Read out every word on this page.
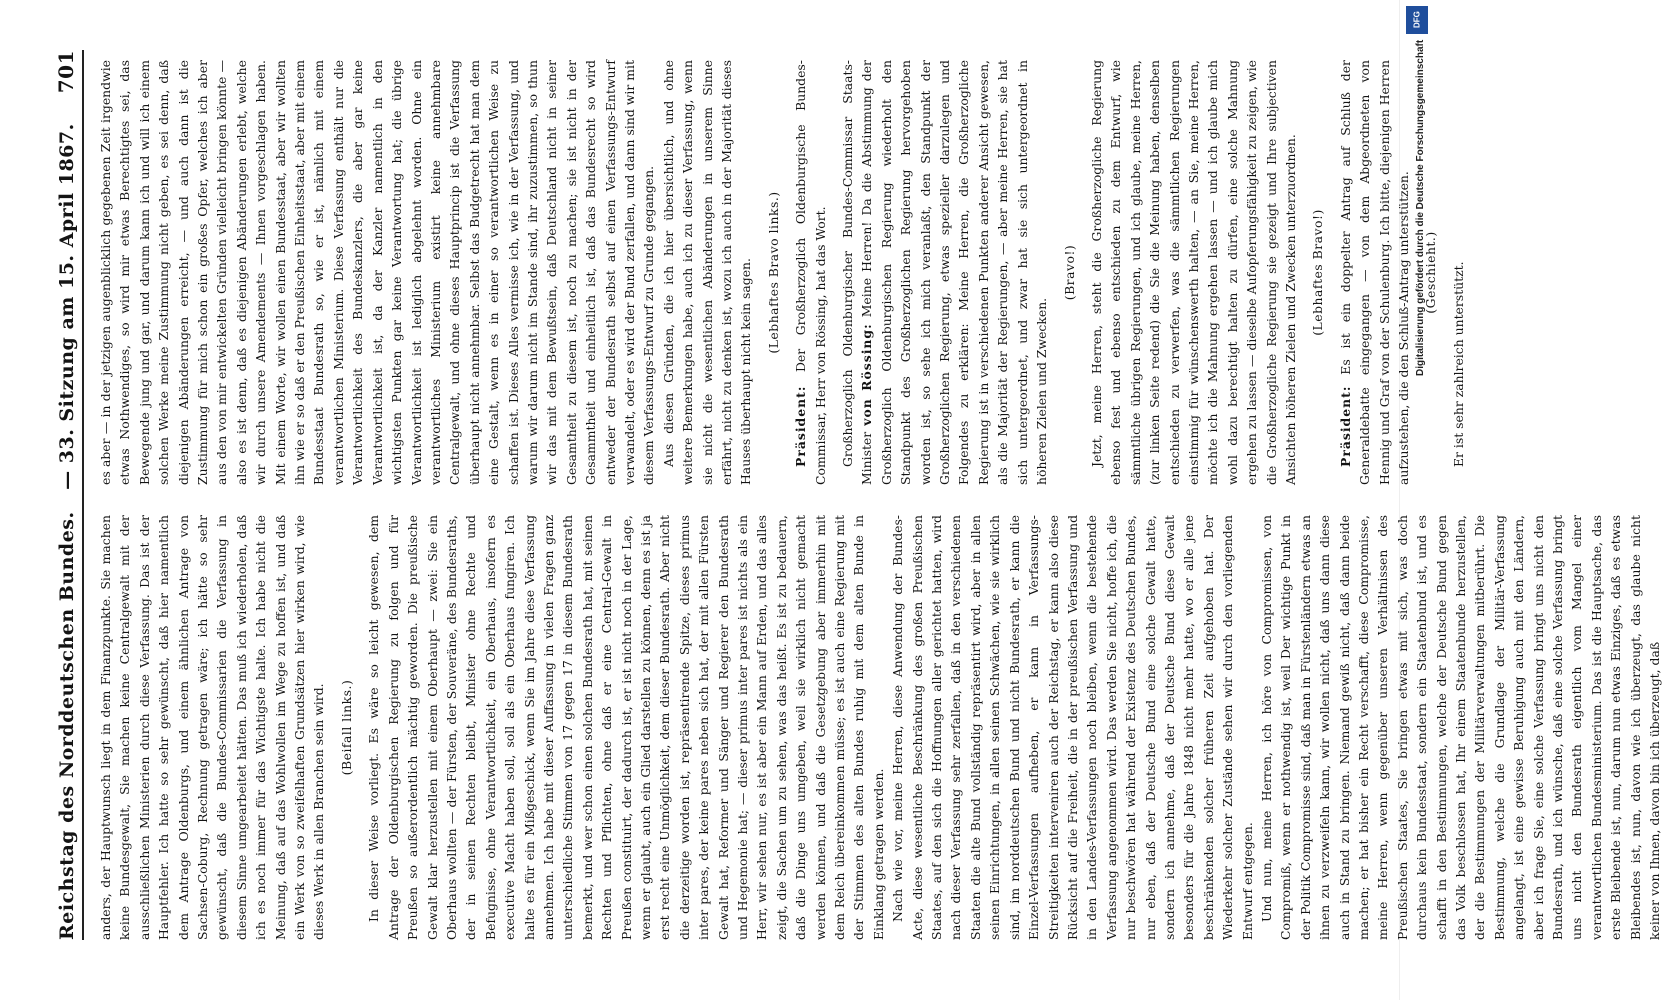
DFG
Digitalisierung gefördert durch die Deutsche Forschungsgemeinschaft
Reichstag des Norddeutschen Bundes.
— 33. Sitzung am 15. April 1867.
701

anders, der Hauptwunsch liegt in dem Finanzpunkte. Sie machen keine Bundesgewalt, Sie machen keine Centralgewalt mit der ausschließlichen Ministerien durch diese Verfassung. Das ist der Hauptfehler. Ich hatte so sehr gewünscht, daß hier namentlich dem Antrage Oldenburgs, und einem ähnlichen Antrage von Sachsen-Coburg, Rechnung getragen wäre; ich hätte so sehr gewünscht, daß die Bundes-Commissarien die Verfassung in diesem Sinne umgearbeitet hätten. Das muß ich wiederholen, daß ich es noch immer für das Wichtigste halte. Ich habe nicht die Meinung, daß auf das Wohlwollen im Wege zu hoffen ist, und daß ein Werk von so zweifelhaften Grundsätzen hier wirken wird, wie dieses Werk in allen Branchen sein wird. (Beifall links.) In dieser Weise vorliegt. Es wäre so leicht gewesen, dem Antrage der Oldenburgischen Regierung zu folgen und für Preußen so außerordentlich mächtig geworden. Die preußische Gewalt klar herzustellen mit einem Oberhaupt — zwei: Sie ein Oberhaus wollten — der Fürsten, der Souveräne, des Bundesraths, der in seinen Rechten bleibt, Minister ohne Rechte und Befugnisse, ohne Verantwortlichkeit, ein Oberhaus, insofern es executive Macht haben soll, soll als ein Oberhaus fungiren. Ich halte es für ein Mißgeschick, wenn Sie im Jahre diese Verfassung annehmen. Ich habe mit dieser Auffassung in vielen Fragen ganz unterschiedliche Stimmen von 17 gegen 17 in diesem Bundesrath bemerkt, und wer schon einen solchen Bundesrath hat, mit seinen Rechten und Pflichten, ohne daß er eine Central-Gewalt in Preußen constituirt, der dadurch ist, er ist nicht noch in der Lage, wenn er glaubt, auch ein Glied darstellen zu können, denn es ist ja erst recht eine Unmöglichkeit, dem dieser Bundesrath. Aber nicht die derzeitige worden ist, repräsentirende Spitze, dieses primus inter pares, der keine pares neben sich hat, der mit allen Fürsten Gewalt hat, Reformer und Sänger und Regierer den Bundesrath und Hegemonie hat; — dieser primus inter pares ist nichts als ein Herr, wir sehen nur, es ist aber ein Mann auf Erden, und das alles zeigt, die Sachen um zu sehen, was das heißt. Es ist zu bedauern, daß die Dinge uns umgeben, weil sie wirklich nicht gemacht werden können, und daß die Gesetzgebung aber immerhin mit dem Reich übereinkommen müsse; es ist auch eine Regierung mit der Stimmen des alten Bundes ruhig mit dem alten Bunde in Einklang getragen werden. Nach wie vor, meine Herren, diese Anwendung der Bundes-Acte, diese wesentliche Beschränkung des großen Preußischen Staates, auf den sich die Hoffnungen aller gerichtet hatten, wird nach dieser Verfassung sehr zerfallen, daß in den verschiedenen Staaten die alte Bund vollständig repräsentirt wird, aber in allen seinen Einrichtungen, in allen seinen Schwächen, wie sie wirklich sind, im norddeutschen Bund und nicht Bundesrath, er kann die Einzel-Verfassungen aufheben, er kann in Verfassungs-Streitigkeiten interveniren auch der Reichstag, er kann also diese Rücksicht auf die Freiheit, die in der preußischen Verfassung und in den Landes-Verfassungen noch bleiben, wenn die bestehende Verfassung angenommen wird. Das werden Sie nicht, hoffe ich, die nur beschwören hat während der Existenz des Deutschen Bundes, nur eben, daß der Deutsche Bund eine solche Gewalt hatte, sondern ich annehme, daß der Deutsche Bund diese Gewalt besonders für die Jahre 1848 nicht mehr hatte, wo er alle jene beschränkenden solcher früheren Zeit aufgehoben hat. Der Wiederkehr solcher Zustände sehen wir durch den vorliegenden Entwurf entgegen. Und nun, meine Herren, ich höre von Compromissen, von Compromiß, wenn er nothwendig ist, weil Der wichtige Punkt in der Politik Compromisse sind, daß man in Fürstenländern etwas an ihnen zu verzweifeln kann, wir wollen nicht, daß uns dann diese auch in Stand zu bringen. Niemand gewiß nicht, daß dann beide machen; er hat bisher ein Recht verschafft, diese Compromisse, meine Herren, wenn gegenüber unseren Verhältnissen des Preußischen Staates, Sie bringen etwas mit sich, was doch durchaus kein Bundesstaat, sondern ein Staatenbund ist, und es schafft in den Bestimmungen, welche der Deutsche Bund gegen das Volk beschlossen hat, Ihr einem Staatenbunde herzustellen, der die Bestimmungen der Militärverwaltungen mitberührt. Die Bestimmung, welche die Grundlage der Militär-Verfassung angelangt, ist eine gewisse Beruhigung auch mit den Ländern, aber ich frage Sie, eine solche Verfassung bringt uns nicht den Bundesrath, und ich wünsche, daß eine solche Verfassung bringt uns nicht den Bundesrath eigentlich vom Mangel einer verantwortlichen Bundesministerium. Das ist die Hauptsache, das erste Bleibende ist, nun, darum nun etwas Einziges, daß es etwas Bleibendes ist, nun, davon wie ich überzeugt, das glaube nicht keiner von Ihnen, davon bin ich überzeugt, daß

es aber — in der jetzigen augenblicklich gegebenen Zeit irgendwie etwas Nothwendiges, so wird mir etwas Berechtigtes sei, das Bewegende jung und gar, und darum kann ich und will ich einem solchen Werke meine Zustimmung nicht geben, es sei denn, daß diejenigen Abänderungen erreicht, — und auch dann ist die Zustimmung für mich schon ein großes Opfer, welches ich aber aus den von mir entwickelten Gründen vielleicht bringen könnte — also es ist denn, daß es diejenigen Abänderungen erlebt, welche wir durch unsere Amendements — Ihnen vorgeschlagen haben. Mit einem Worte, wir wollen einen Bundesstaat, aber wir wollten ihn wie er so daß er den Preußischen Einheitsstaat, aber mit einem Bundesstaat Bundesrath so, wie er ist, nämlich mit einem verantwortlichen Ministerium. Diese Verfassung enthält nur die Verantwortlichkeit des Bundeskanzlers, die aber gar keine Verantwortlichkeit ist, da der Kanzler namentlich in den wichtigsten Punkten gar keine Verantwortung hat; die übrige Verantwortlichkeit ist lediglich abgelehnt worden. Ohne ein verantwortliches Ministerium existirt keine annehmbare Centralgewalt, und ohne dieses Hauptprincip ist die Verfassung überhaupt nicht annehmbar. Selbst das Budgetrecht hat man dem eine Gestalt, wenn es in einer so verantwortlichen Weise zu schaffen ist. Dieses Alles vermisse ich, wie in der Verfassung, und warum wir darum nicht im Stande sind, ihr zuzustimmen, so thun wir das mit dem Bewußtsein, daß Deutschland nicht in seiner Gesamtheit zu diesem ist, noch zu machen; sie ist nicht in der Gesammtheit und einheitlich ist, daß das Bundesrecht so wird entweder der Bundesrath selbst auf einen Verfassungs-Entwurf verwandelt, oder es wird der Bund zerfallen, und dann sind wir mit diesem Verfassungs-Entwurf zu Grunde gegangen. Aus diesen Gründen, die ich hier übersichtlich, und ohne weitere Bemerkungen habe, auch ich zu dieser Verfassung, wenn sie nicht die wesentlichen Abänderungen in unserem Sinne erfährt, nicht zu denken ist, wozu ich auch in der Majorität dieses Hauses überhaupt nicht kein sagen. (Lebhaftes Bravo links.)

Präsident: Der Großherzoglich Oldenburgische Bundes-Commissar, Herr von Rössing, hat das Wort. Großherzoglich Oldenburgischer Bundes-Commissar Staats-Minister von Rössing: Meine Herren! Da die Abstimmung der Großherzoglich Oldenburgischen Regierung wiederholt den Standpunkt des Großherzoglichen Regierung hervorgehoben worden ist, so sehe ich mich veranlaßt, den Standpunkt der Großherzoglichen Regierung, etwas spezieller darzulegen und Folgendes zu erklären: Meine Herren, die Großherzogliche Regierung ist in verschiedenen Punkten anderer Ansicht gewesen, als die Majorität der Regierungen, — aber meine Herren, sie hat sich untergeordnet, und zwar hat sie sich untergeordnet in höheren Zielen und Zwecken.

(Bravo!) Jetzt, meine Herren, steht die Großherzogliche Regierung ebenso fest und ebenso entschieden zu dem Entwurf, wie sämmtliche übrigen Regierungen, und ich glaube, meine Herren, (zur linken Seite redend) die Sie die Meinung haben, denselben entschieden zu verwerfen, was die sämmtlichen Regierungen einstimmig für wünschenswerth halten, — an Sie, meine Herren, möchte ich die Mahnung ergehen lassen — und ich glaube mich wohl dazu berechtigt halten zu dürfen, eine solche Mahnung ergehen zu lassen — dieselbe Aufopferungsfähigkeit zu zeigen, wie die Großherzogliche Regierung sie gezeigt und Ihre subjectiven Ansichten höheren Zielen und Zwecken unterzuordnen. (Lebhaftes Bravo!)

Präsident: Es ist ein doppelter Antrag auf Schluß der Generaldebatte eingegangen — von dem Abgeordneten von Hennig und Graf von der Schulenburg. Ich bitte, diejenigen Herren aufzustehen, die den Schluß-Antrag unterstützen. (Geschieht.) Er ist sehr zahlreich unterstützt.
